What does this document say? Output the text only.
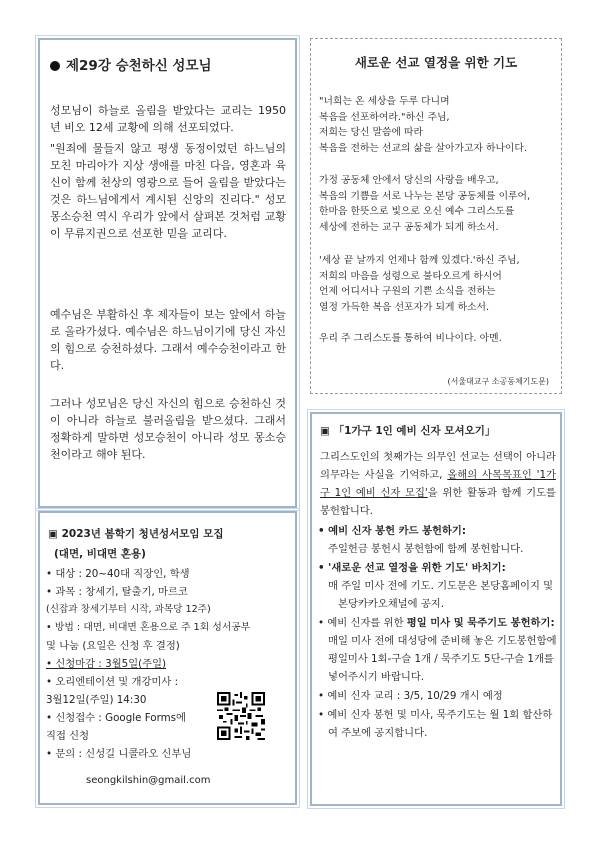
제29강 승천하신 성모님
성모님이 하늘로 올림을 받았다는 교리는 1950년 비오 12세 교황에 의해 선포되었다.
"원죄에 물들지 않고 평생 동정이었던 하느님의 모친 마리아가 지상 생애를 마친 다음, 영혼과 육신이 함께 천상의 영광으로 들어 올림을 받았다는 것은 하느님에게서 계시된 신앙의 진리다." 성모 몽소승천 역시 우리가 앞에서 살펴본 것처럼 교황이 무류지권으로 선포한 믿을 교리다.
예수님은 부활하신 후 제자들이 보는 앞에서 하늘로 올라가셨다. 예수님은 하느님이기에 당신 자신의 힘으로 승천하셨다. 그래서 예수승천이라고 한다.
그러나 성모님은 당신 자신의 힘으로 승천하신 것이 아니라 하늘로 불러올림을 받으셨다. 그래서 정확하게 말하면 성모승천이 아니라 성모 몽소승천이라고 해야 된다.
새로운 선교 열정을 위한 기도
"너희는 온 세상을 두루 다니며
복음을 선포하여라."하신 주님,
저희는 당신 말씀에 따라
복음을 전하는 선교의 삶을 살아가고자 하나이다.
가정 공동체 안에서 당신의 사랑을 배우고,
복음의 기쁨을 서로 나누는 본당 공동체를 이루어,
한마음 한뜻으로 빛으로 오신 예수 그리스도를
세상에 전하는 교구 공동체가 되게 하소서.
'세상 끝 날까지 언제나 함께 있겠다.'하신 주님,
저희의 마음을 성령으로 불타오르게 하시어
언제 어디서나 구원의 기쁜 소식을 전하는
열정 가득한 복음 선포자가 되게 하소서.
우리 주 그리스도를 통하여 비나이다. 아멘.
(서울대교구 소공동체기도문)
▣ 2023년 봄학기 청년성서모임 모집
(대면, 비대면 혼용)
• 대상 : 20~40대 직장인, 학생
• 과목 : 창세기, 탈출기, 마르코
(신잡과 창세기부터 시작, 과목당 12주)
• 방법 : 대면, 비대면 혼용으로 주 1회 성서공부
및 나눔 (요일은 신청 후 결정)
• 신청마감 : 3월5일(주일)
• 오리엔테이션 및 개강미사 :
3월12일(주일) 14:30
• 신청접수 : Google Forms에
직접 신청
• 문의 : 신성길 니콜라오 신부님
seongkilshin@gmail.com
▣ 「1가구 1인 예비 신자 모셔오기」
그리스도인의 첫째가는 의무인 선교는 선택이 아니라 의무라는 사실을 기억하고, 올해의 사목목표인 '1가구 1인 예비 신자 모집'을 위한 활동과 함께 기도를 봉헌합니다.
• 예비 신자 봉헌 카드 봉헌하기:
주일헌금 봉헌시 봉헌함에 함께 봉헌합니다.
• '새로운 선교 열정을 위한 기도' 바치기:
매 주일 미사 전에 기도. 기도문은 본당홈페이지 및 본당카카오채널에 공지.
• 예비 신자를 위한 평일 미사 및 묵주기도 봉헌하기: 매일 미사 전에 대성당에 준비해 놓은 기도봉헌함에 평일미사 1회-구슬 1개 / 묵주기도 5단-구슬 1개를 넣어주시기 바랍니다.
• 예비 신자 교리 : 3/5, 10/29 개시 예정
• 예비 신자 봉헌 및 미사, 묵주기도는 월 1회 합산하여 주보에 공지합니다.
